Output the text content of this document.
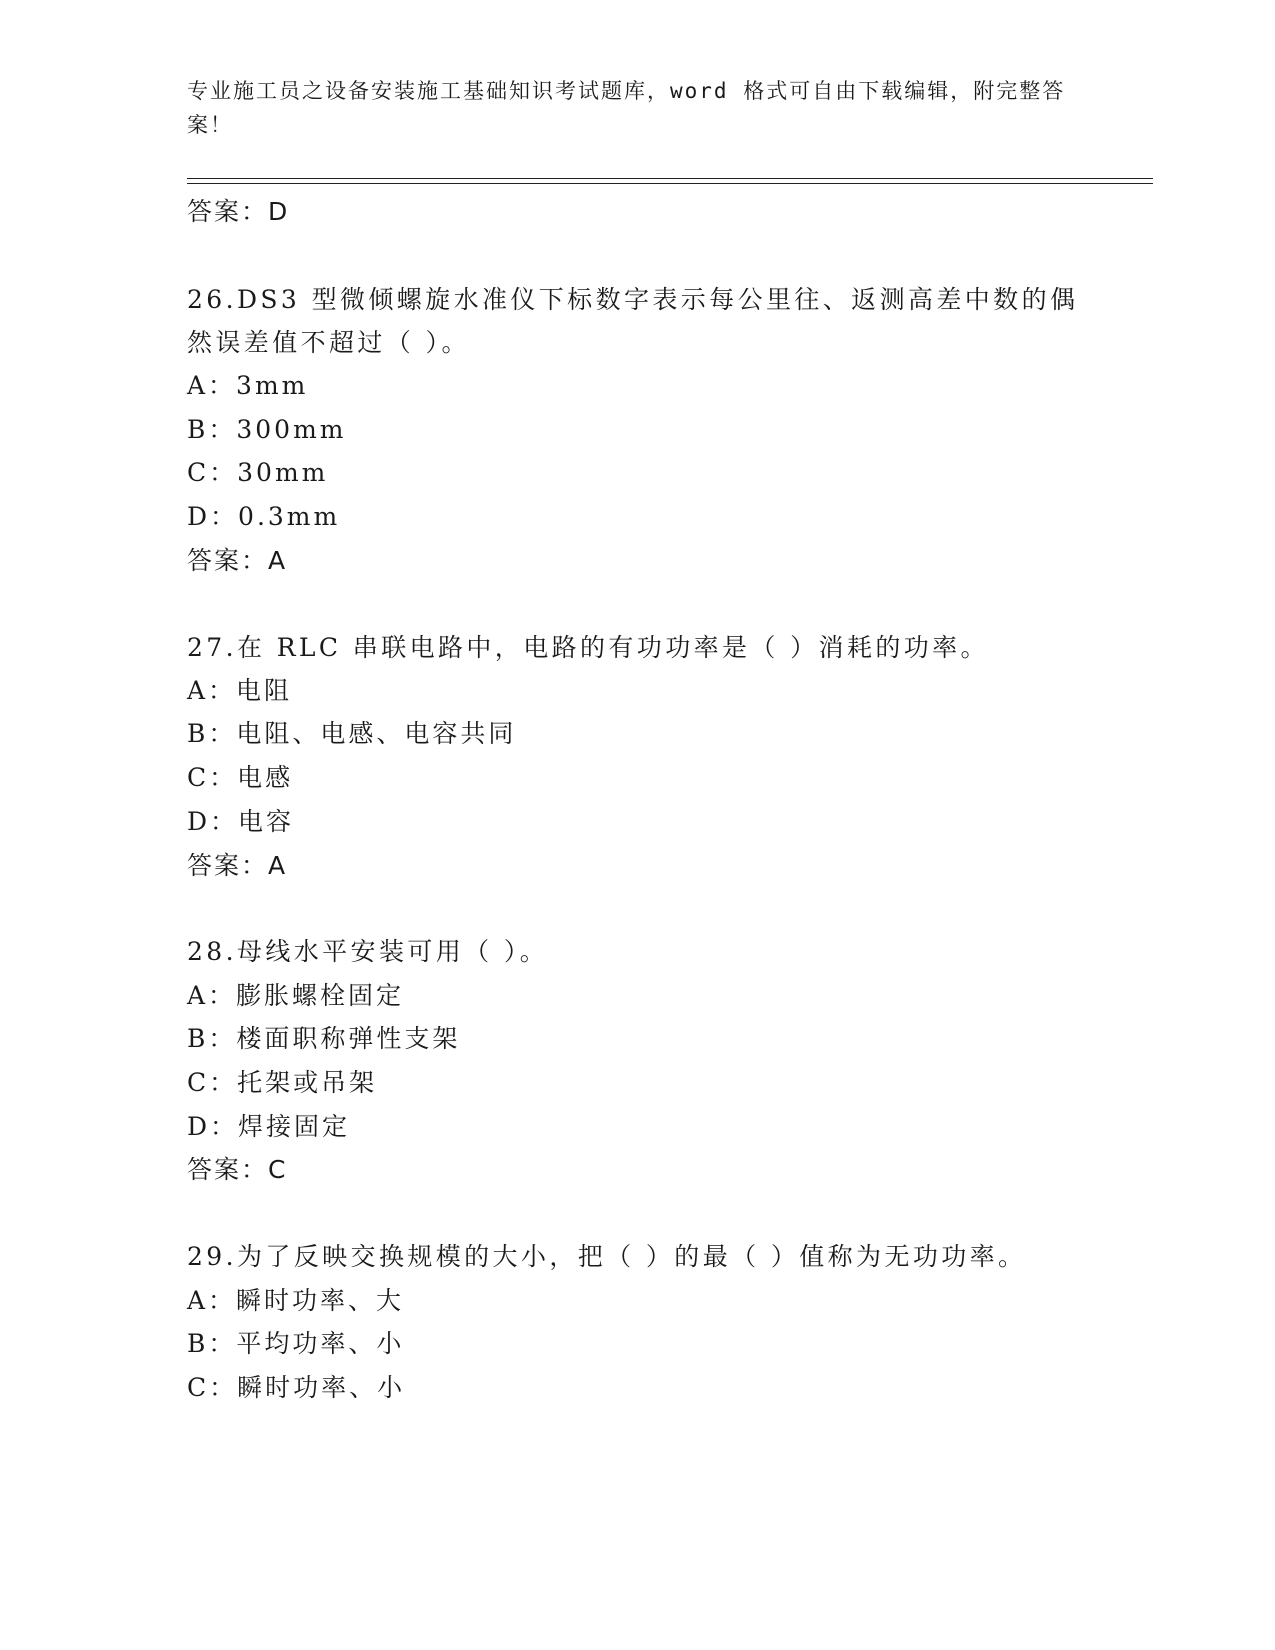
专业施工员之设备安装施工基础知识考试题库，word 格式可自由下载编辑，附完整答案！
答案：D
26.DS3 型微倾螺旋水准仪下标数字表示每公里往、返测高差中数的偶
然误差值不超过（ ）。
A：3mm
B：300mm
C：30mm
D：0.3mm
答案：A
27.在 RLC 串联电路中，电路的有功功率是（ ）消耗的功率。
A：电阻
B：电阻、电感、电容共同
C：电感
D：电容
答案：A
28.母线水平安装可用（ ）。
A：膨胀螺栓固定
B：楼面职称弹性支架
C：托架或吊架
D：焊接固定
答案：C
29.为了反映交换规模的大小，把（ ）的最（ ）值称为无功功率。
A：瞬时功率、大
B：平均功率、小
C：瞬时功率、小
